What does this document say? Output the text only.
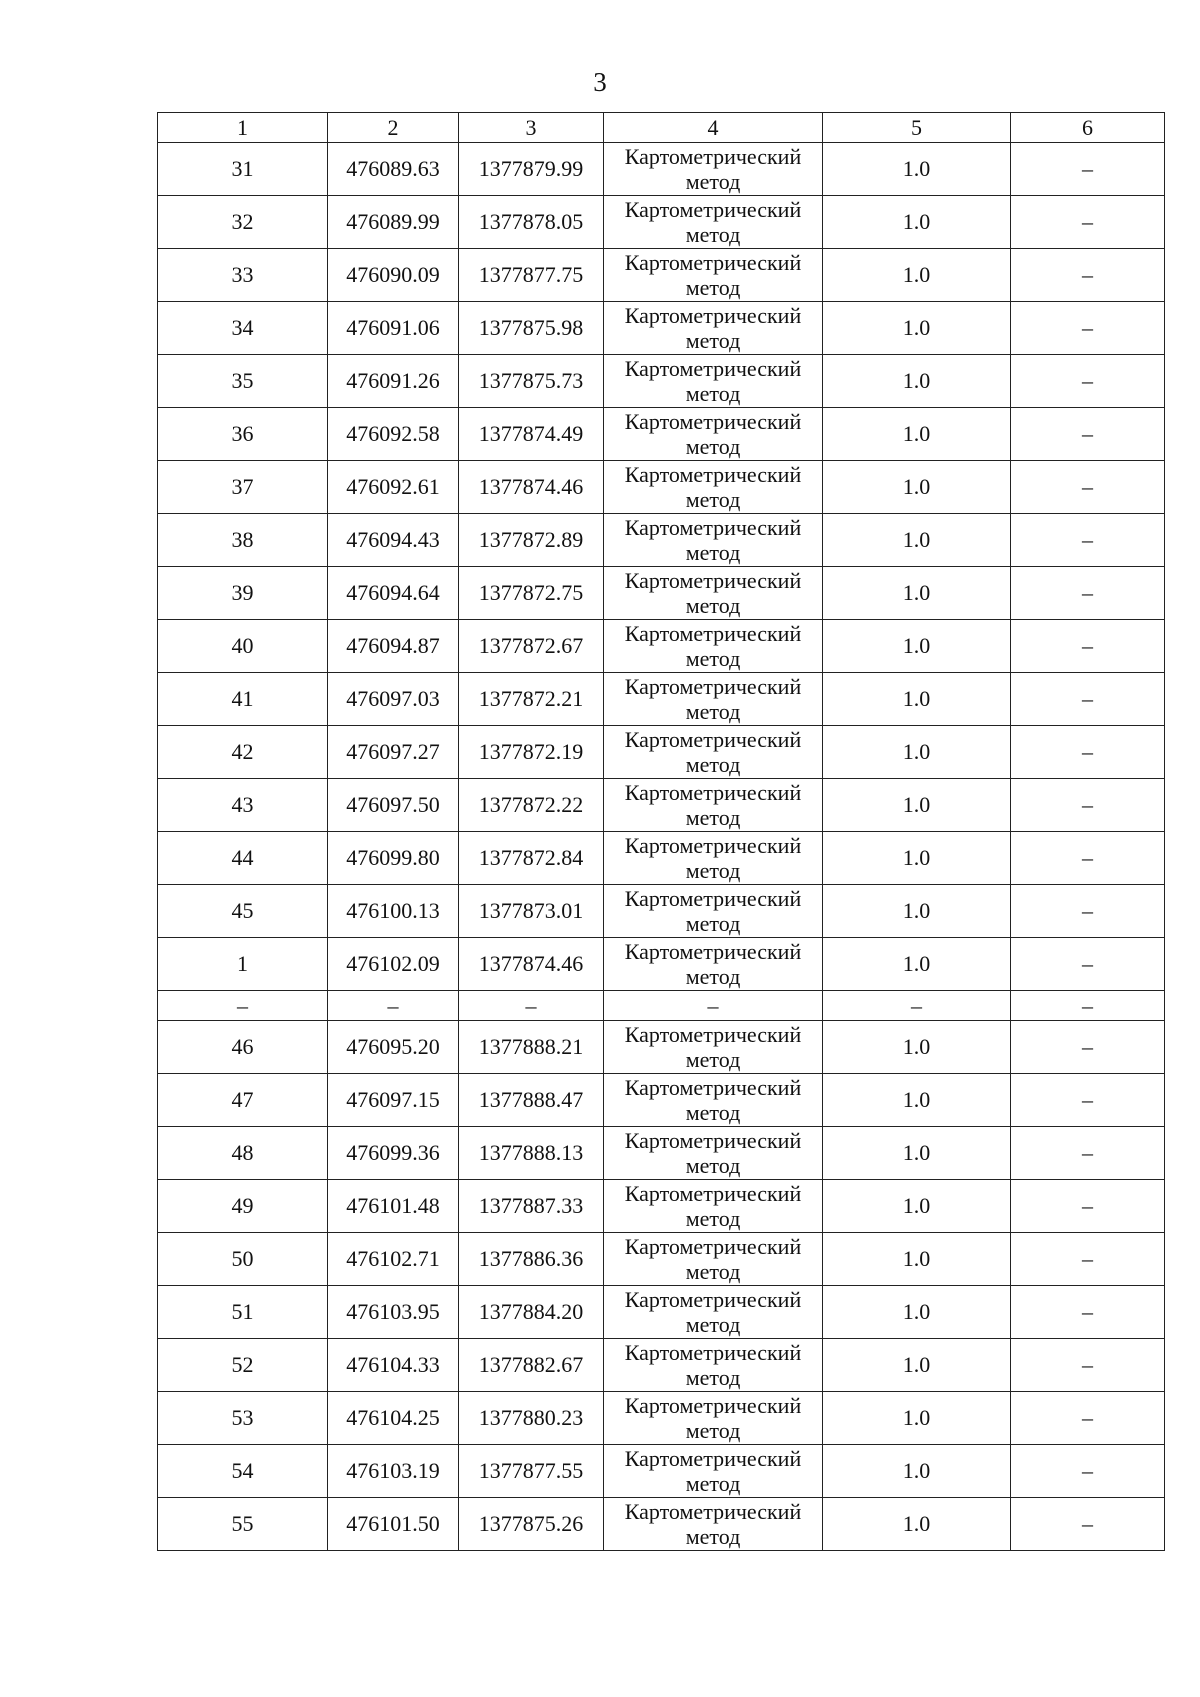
3
1	2	3	4	5	6
31	476089.63	1377879.99	Картометрический метод	1.0	–
32	476089.99	1377878.05	Картометрический метод	1.0	–
33	476090.09	1377877.75	Картометрический метод	1.0	–
34	476091.06	1377875.98	Картометрический метод	1.0	–
35	476091.26	1377875.73	Картометрический метод	1.0	–
36	476092.58	1377874.49	Картометрический метод	1.0	–
37	476092.61	1377874.46	Картометрический метод	1.0	–
38	476094.43	1377872.89	Картометрический метод	1.0	–
39	476094.64	1377872.75	Картометрический метод	1.0	–
40	476094.87	1377872.67	Картометрический метод	1.0	–
41	476097.03	1377872.21	Картометрический метод	1.0	–
42	476097.27	1377872.19	Картометрический метод	1.0	–
43	476097.50	1377872.22	Картометрический метод	1.0	–
44	476099.80	1377872.84	Картометрический метод	1.0	–
45	476100.13	1377873.01	Картометрический метод	1.0	–
1	476102.09	1377874.46	Картометрический метод	1.0	–
–	–	–	–	–	–
46	476095.20	1377888.21	Картометрический метод	1.0	–
47	476097.15	1377888.47	Картометрический метод	1.0	–
48	476099.36	1377888.13	Картометрический метод	1.0	–
49	476101.48	1377887.33	Картометрический метод	1.0	–
50	476102.71	1377886.36	Картометрический метод	1.0	–
51	476103.95	1377884.20	Картометрический метод	1.0	–
52	476104.33	1377882.67	Картометрический метод	1.0	–
53	476104.25	1377880.23	Картометрический метод	1.0	–
54	476103.19	1377877.55	Картометрический метод	1.0	–
55	476101.50	1377875.26	Картометрический метод	1.0	–
